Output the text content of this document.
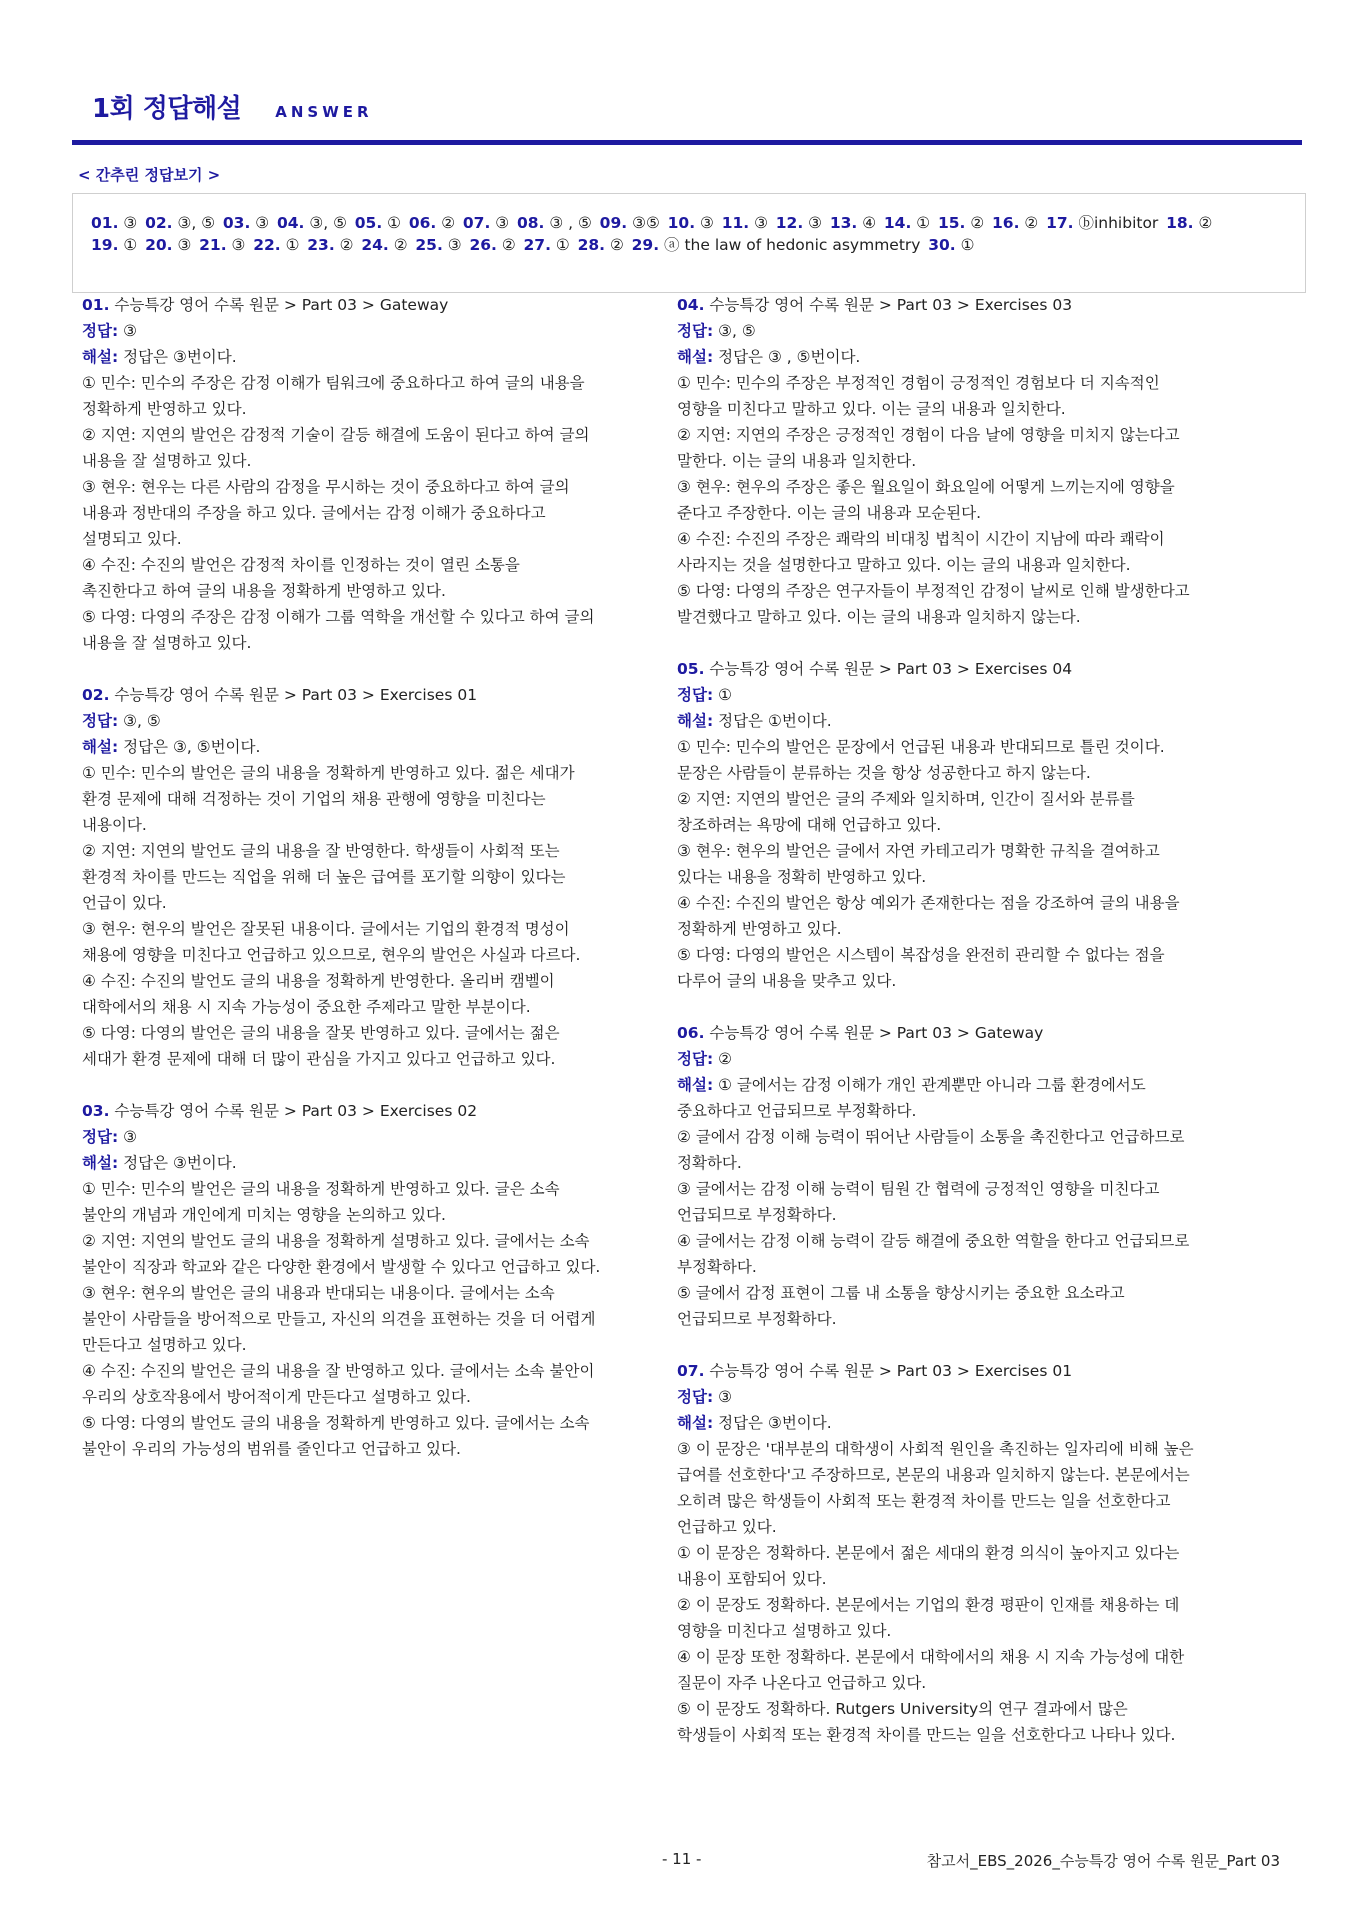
1회 정답해설 ANSWER
< 간추린 정답보기 >
01. ③  02. ③, ⑤  03. ③  04. ③, ⑤  05. ①  06. ②  07. ③  08. ③ , ⑤  09. ③⑤  10. ③  11. ③  12. ③  13. ④  14. ①  15. ②  16. ②  17. ⓑinhibitor  18. ② 
19. ①  20. ③  21. ③  22. ①  23. ②  24. ②  25. ③  26. ②  27. ①  28. ②  29. ⓐ the law of hedonic asymmetry  30. ① 
01. 수능특강 영어 수록 원문 > Part 03 > Gateway
정답: ③
해설: 정답은 ③번이다.
① 민수: 민수의 주장은 감정 이해가 팀워크에 중요하다고 하여 글의 내용을
정확하게 반영하고 있다.
② 지연: 지연의 발언은 감정적 기술이 갈등 해결에 도움이 된다고 하여 글의
내용을 잘 설명하고 있다.
③ 현우: 현우는 다른 사람의 감정을 무시하는 것이 중요하다고 하여 글의
내용과 정반대의 주장을 하고 있다. 글에서는 감정 이해가 중요하다고
설명되고 있다.
④ 수진: 수진의 발언은 감정적 차이를 인정하는 것이 열린 소통을
촉진한다고 하여 글의 내용을 정확하게 반영하고 있다.
⑤ 다영: 다영의 주장은 감정 이해가 그룹 역학을 개선할 수 있다고 하여 글의
내용을 잘 설명하고 있다.
02. 수능특강 영어 수록 원문 > Part 03 > Exercises 01
정답: ③, ⑤
해설: 정답은 ③, ⑤번이다.
① 민수: 민수의 발언은 글의 내용을 정확하게 반영하고 있다. 젊은 세대가
환경 문제에 대해 걱정하는 것이 기업의 채용 관행에 영향을 미친다는
내용이다.
② 지연: 지연의 발언도 글의 내용을 잘 반영한다. 학생들이 사회적 또는
환경적 차이를 만드는 직업을 위해 더 높은 급여를 포기할 의향이 있다는
언급이 있다.
③ 현우: 현우의 발언은 잘못된 내용이다. 글에서는 기업의 환경적 명성이
채용에 영향을 미친다고 언급하고 있으므로, 현우의 발언은 사실과 다르다.
④ 수진: 수진의 발언도 글의 내용을 정확하게 반영한다. 올리버 캠벨이
대학에서의 채용 시 지속 가능성이 중요한 주제라고 말한 부분이다.
⑤ 다영: 다영의 발언은 글의 내용을 잘못 반영하고 있다. 글에서는 젊은
세대가 환경 문제에 대해 더 많이 관심을 가지고 있다고 언급하고 있다.
03. 수능특강 영어 수록 원문 > Part 03 > Exercises 02
정답: ③
해설: 정답은 ③번이다.
① 민수: 민수의 발언은 글의 내용을 정확하게 반영하고 있다. 글은 소속
불안의 개념과 개인에게 미치는 영향을 논의하고 있다.
② 지연: 지연의 발언도 글의 내용을 정확하게 설명하고 있다. 글에서는 소속
불안이 직장과 학교와 같은 다양한 환경에서 발생할 수 있다고 언급하고 있다.
③ 현우: 현우의 발언은 글의 내용과 반대되는 내용이다. 글에서는 소속
불안이 사람들을 방어적으로 만들고, 자신의 의견을 표현하는 것을 더 어렵게
만든다고 설명하고 있다.
④ 수진: 수진의 발언은 글의 내용을 잘 반영하고 있다. 글에서는 소속 불안이
우리의 상호작용에서 방어적이게 만든다고 설명하고 있다.
⑤ 다영: 다영의 발언도 글의 내용을 정확하게 반영하고 있다. 글에서는 소속
불안이 우리의 가능성의 범위를 줄인다고 언급하고 있다.
04. 수능특강 영어 수록 원문 > Part 03 > Exercises 03
정답: ③, ⑤
해설: 정답은 ③ , ⑤번이다.
① 민수: 민수의 주장은 부정적인 경험이 긍정적인 경험보다 더 지속적인
영향을 미친다고 말하고 있다. 이는 글의 내용과 일치한다.
② 지연: 지연의 주장은 긍정적인 경험이 다음 날에 영향을 미치지 않는다고
말한다. 이는 글의 내용과 일치한다.
③ 현우: 현우의 주장은 좋은 월요일이 화요일에 어떻게 느끼는지에 영향을
준다고 주장한다. 이는 글의 내용과 모순된다.
④ 수진: 수진의 주장은 쾌락의 비대칭 법칙이 시간이 지남에 따라 쾌락이
사라지는 것을 설명한다고 말하고 있다. 이는 글의 내용과 일치한다.
⑤ 다영: 다영의 주장은 연구자들이 부정적인 감정이 날씨로 인해 발생한다고
발견했다고 말하고 있다. 이는 글의 내용과 일치하지 않는다.
05. 수능특강 영어 수록 원문 > Part 03 > Exercises 04
정답: ①
해설: 정답은 ①번이다.
① 민수: 민수의 발언은 문장에서 언급된 내용과 반대되므로 틀린 것이다.
문장은 사람들이 분류하는 것을 항상 성공한다고 하지 않는다.
② 지연: 지연의 발언은 글의 주제와 일치하며, 인간이 질서와 분류를
창조하려는 욕망에 대해 언급하고 있다.
③ 현우: 현우의 발언은 글에서 자연 카테고리가 명확한 규칙을 결여하고
있다는 내용을 정확히 반영하고 있다.
④ 수진: 수진의 발언은 항상 예외가 존재한다는 점을 강조하여 글의 내용을
정확하게 반영하고 있다.
⑤ 다영: 다영의 발언은 시스템이 복잡성을 완전히 관리할 수 없다는 점을
다루어 글의 내용을 맞추고 있다.
06. 수능특강 영어 수록 원문 > Part 03 > Gateway
정답: ②
해설: ① 글에서는 감정 이해가 개인 관계뿐만 아니라 그룹 환경에서도
중요하다고 언급되므로 부정확하다.
② 글에서 감정 이해 능력이 뛰어난 사람들이 소통을 촉진한다고 언급하므로
정확하다.
③ 글에서는 감정 이해 능력이 팀원 간 협력에 긍정적인 영향을 미친다고
언급되므로 부정확하다.
④ 글에서는 감정 이해 능력이 갈등 해결에 중요한 역할을 한다고 언급되므로
부정확하다.
⑤ 글에서 감정 표현이 그룹 내 소통을 향상시키는 중요한 요소라고
언급되므로 부정확하다.
07. 수능특강 영어 수록 원문 > Part 03 > Exercises 01
정답: ③
해설: 정답은 ③번이다.
③ 이 문장은 '대부분의 대학생이 사회적 원인을 촉진하는 일자리에 비해 높은
급여를 선호한다'고 주장하므로, 본문의 내용과 일치하지 않는다. 본문에서는
오히려 많은 학생들이 사회적 또는 환경적 차이를 만드는 일을 선호한다고
언급하고 있다.
① 이 문장은 정확하다. 본문에서 젊은 세대의 환경 의식이 높아지고 있다는
내용이 포함되어 있다.
② 이 문장도 정확하다. 본문에서는 기업의 환경 평판이 인재를 채용하는 데
영향을 미친다고 설명하고 있다.
④ 이 문장 또한 정확하다. 본문에서 대학에서의 채용 시 지속 가능성에 대한
질문이 자주 나온다고 언급하고 있다.
⑤ 이 문장도 정확하다. Rutgers University의 연구 결과에서 많은
학생들이 사회적 또는 환경적 차이를 만드는 일을 선호한다고 나타나 있다.
- 11 -	참고서_EBS_2026_수능특강 영어 수록 원문_Part 03
